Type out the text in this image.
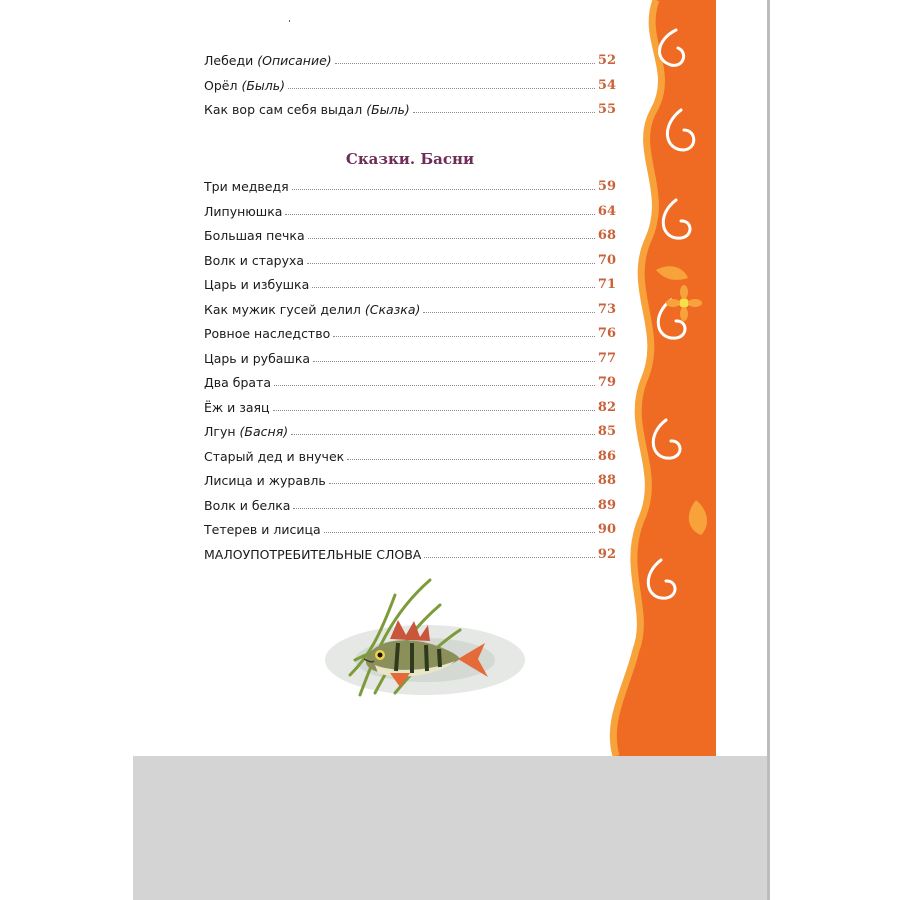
Сказки. Басни
Лебеди (Описание)	52
Орёл (Быль)	54
Как вор сам себя выдал (Быль)	55
Три медведя	59
Липунюшка	64
Большая печка	68
Волк и старуха	70
Царь и избушка	71
Как мужик гусей делил (Сказка)	73
Ровное наследство	76
Царь и рубашка	77
Два брата	79
Ёж и заяц	82
Лгун (Басня)	85
Старый дед и внучек	86
Лисица и журавль	88
Волк и белка	89
Тетерев и лисица	90
МАЛОУПОТРЕБИТЕЛЬНЫЕ СЛОВА	92
